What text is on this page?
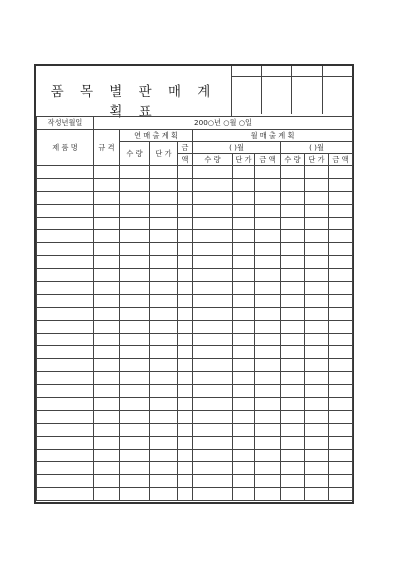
품 목 별 판 매 계 획 표
작성년월일	200○년 ○월 ○일									
제 품 명	규 격	연 매 출 계 획			월 매 출 계 획					
		수 량	단 가	금	( )월			( )월		
				액	수 량	단 가	금 액	수 량	단 가	금 액
